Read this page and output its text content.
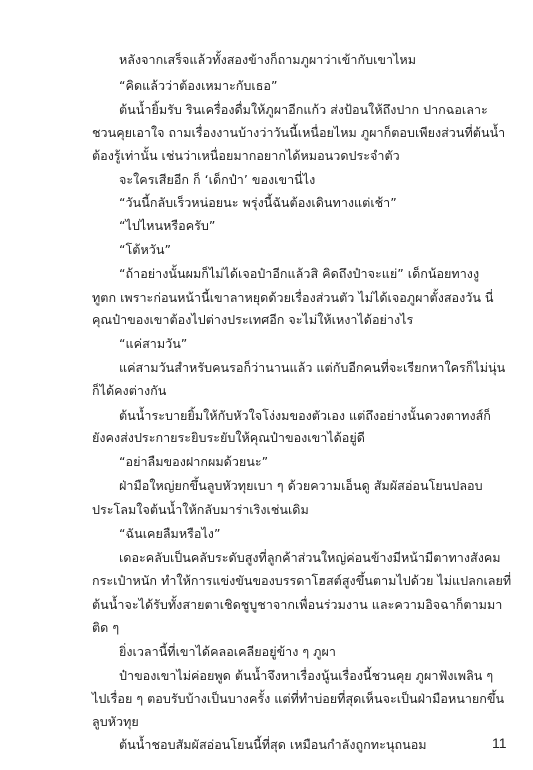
หลังจากเสร็จแล้วทั้งสองข้างก็ถามภูผาว่าเข้ากับเขาไหม
“คิดแล้วว่าต้องเหมาะกับเธอ”
ต้นน้ำยิ้มรับ รินเครื่องดื่มให้ภูผาอีกแก้ว ส่งป้อนให้ถึงปาก ปากฉอเลาะ
ชวนคุยเอาใจ ถามเรื่องงานบ้างว่าวันนี้เหนื่อยไหม ภูผาก็ตอบเพียงส่วนที่ต้นน้ำ
ต้องรู้เท่านั้น เช่นว่าเหนื่อยมากอยากได้หมอนวดประจำตัว
จะใครเสียอีก ก็ ‘เด็กป๋า’ ของเขานี่ไง
“วันนี้กลับเร็วหน่อยนะ พรุ่งนี้ฉันต้องเดินทางแต่เช้า”
“ไปไหนหรือครับ”
“โต้หวัน”
“ถ้าอย่างนั้นผมก็ไม่ได้เจอป๋าอีกแล้วสิ คิดถึงป๋าจะแย่” เด็กน้อยทางงู
ทูตก เพราะก่อนหน้านี้เขาลาหยุดด้วยเรื่องส่วนตัว ไม่ได้เจอภูผาตั้งสองวัน นี่
คุณป๋าของเขาต้องไปต่างประเทศอีก จะไม่ให้เหงาได้อย่างไร
“แค่สามวัน”
แค่สามวันสำหรับคนรอก็ว่านานแล้ว แต่กับอีกคนที่จะเรียกหาใครก็ไม่นุ่น
ก็ได้คงต่างกัน
ต้นน้ำระบายยิ้มให้กับหัวใจโง่งมของตัวเอง แต่ถึงอย่างนั้นดวงตาทงส์ก็
ยังคงส่งประกายระยิบระยับให้คุณป๋าของเขาได้อยู่ดี
“อย่าลืมของฝากผมด้วยนะ”
ฝ่ามือใหญ่ยกขึ้นลูบหัวทุยเบา ๆ ด้วยความเอ็นดู สัมผัสอ่อนโยนปลอบ
ประโลมใจต้นน้ำให้กลับมาร่าเริงเช่นเดิม
“ฉันเคยลืมหรือไง”
เดอะคลับเป็นคลับระดับสูงที่ลูกค้าส่วนใหญ่ค่อนข้างมีหน้ามีตาทางสังคม
กระเป๋าหนัก ทำให้การแข่งขันของบรรดาโฮสต์สูงขึ้นตามไปด้วย ไม่แปลกเลยที่
ต้นน้ำจะได้รับทั้งสายตาเชิดชูบูชาจากเพื่อนร่วมงาน และความอิจฉาก็ตามมา
ติด ๆ
ยิ่งเวลานี้ที่เขาได้คลอเคลียอยู่ข้าง ๆ ภูผา
ป๋าของเขาไม่ค่อยพูด ต้นน้ำจึงหาเรื่องนู้นเรื่องนี้ชวนคุย ภูผาฟังเพลิน ๆ
ไปเรื่อย ๆ ตอบรับบ้างเป็นบางครั้ง แต่ที่ทำบ่อยที่สุดเห็นจะเป็นฝ่ามือหนายกขึ้น
ลูบหัวทุย
ต้นน้ำชอบสัมผัสอ่อนโยนนี้ที่สุด เหมือนกำลังถูกทะนุถนอม	11
